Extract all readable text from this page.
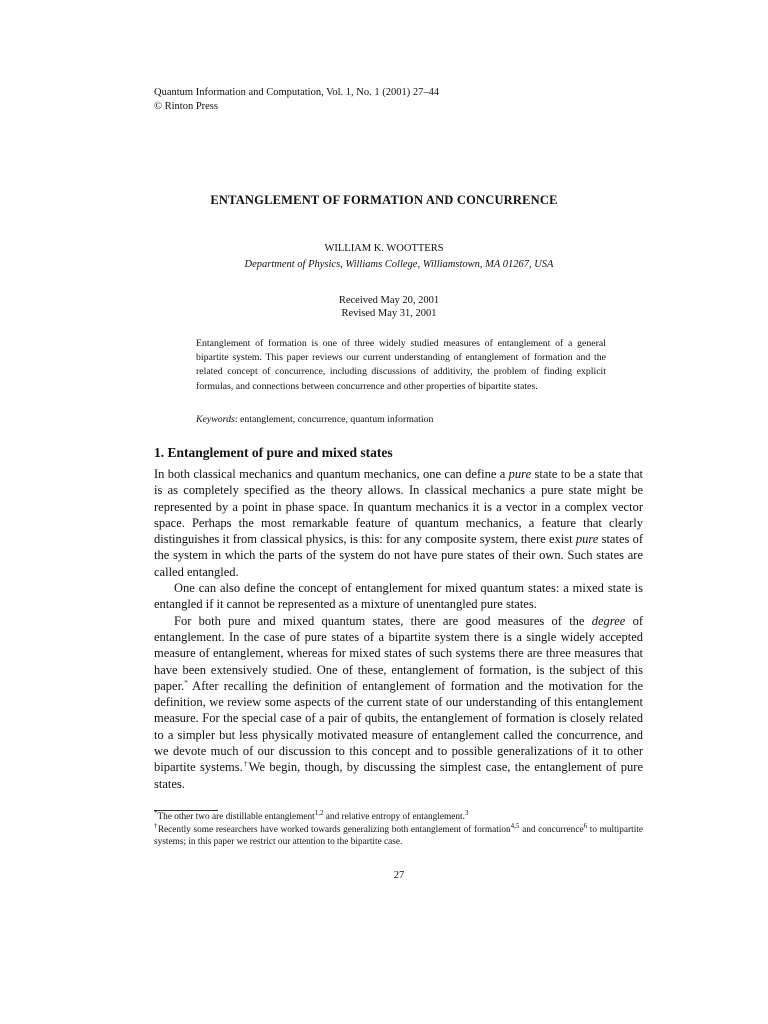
Quantum Information and Computation, Vol. 1, No. 1 (2001) 27–44
© Rinton Press
ENTANGLEMENT OF FORMATION AND CONCURRENCE
WILLIAM K. WOOTTERS
Department of Physics, Williams College, Williamstown, MA 01267, USA
Received May 20, 2001
Revised May 31, 2001
Entanglement of formation is one of three widely studied measures of entanglement of a general bipartite system. This paper reviews our current understanding of entanglement of formation and the related concept of concurrence, including discussions of additivity, the problem of finding explicit formulas, and connections between concurrence and other properties of bipartite states.
Keywords: entanglement, concurrence, quantum information
1. Entanglement of pure and mixed states

In both classical mechanics and quantum mechanics, one can define a pure state to be a state that is as completely specified as the theory allows. In classical mechanics a pure state might be represented by a point in phase space. In quantum mechanics it is a vector in a complex vector space. Perhaps the most remarkable feature of quantum mechanics, a feature that clearly distinguishes it from classical physics, is this: for any composite system, there exist pure states of the system in which the parts of the system do not have pure states of their own. Such states are called entangled.

One can also define the concept of entanglement for mixed quantum states: a mixed state is entangled if it cannot be represented as a mixture of unentangled pure states.

For both pure and mixed quantum states, there are good measures of the degree of entanglement. In the case of pure states of a bipartite system there is a single widely accepted measure of entanglement, whereas for mixed states of such systems there are three measures that have been extensively studied. One of these, entanglement of formation, is the subject of this paper.* After recalling the definition of entanglement of formation and the motivation for the definition, we review some aspects of the current state of our understanding of this entanglement measure. For the special case of a pair of qubits, the entanglement of formation is closely related to a simpler but less physically motivated measure of entanglement called the concurrence, and we devote much of our discussion to this concept and to possible generalizations of it to other bipartite systems.†We begin, though, by discussing the simplest case, the entanglement of pure states.

*The other two are distillable entanglement$^{1,2}$ and relative entropy of entanglement.$^3$

†Recently some researchers have worked towards generalizing both entanglement of formation$^{4,5}$ and concurrence$^6$ to multipartite systems; in this paper we restrict our attention to the bipartite case.

27
